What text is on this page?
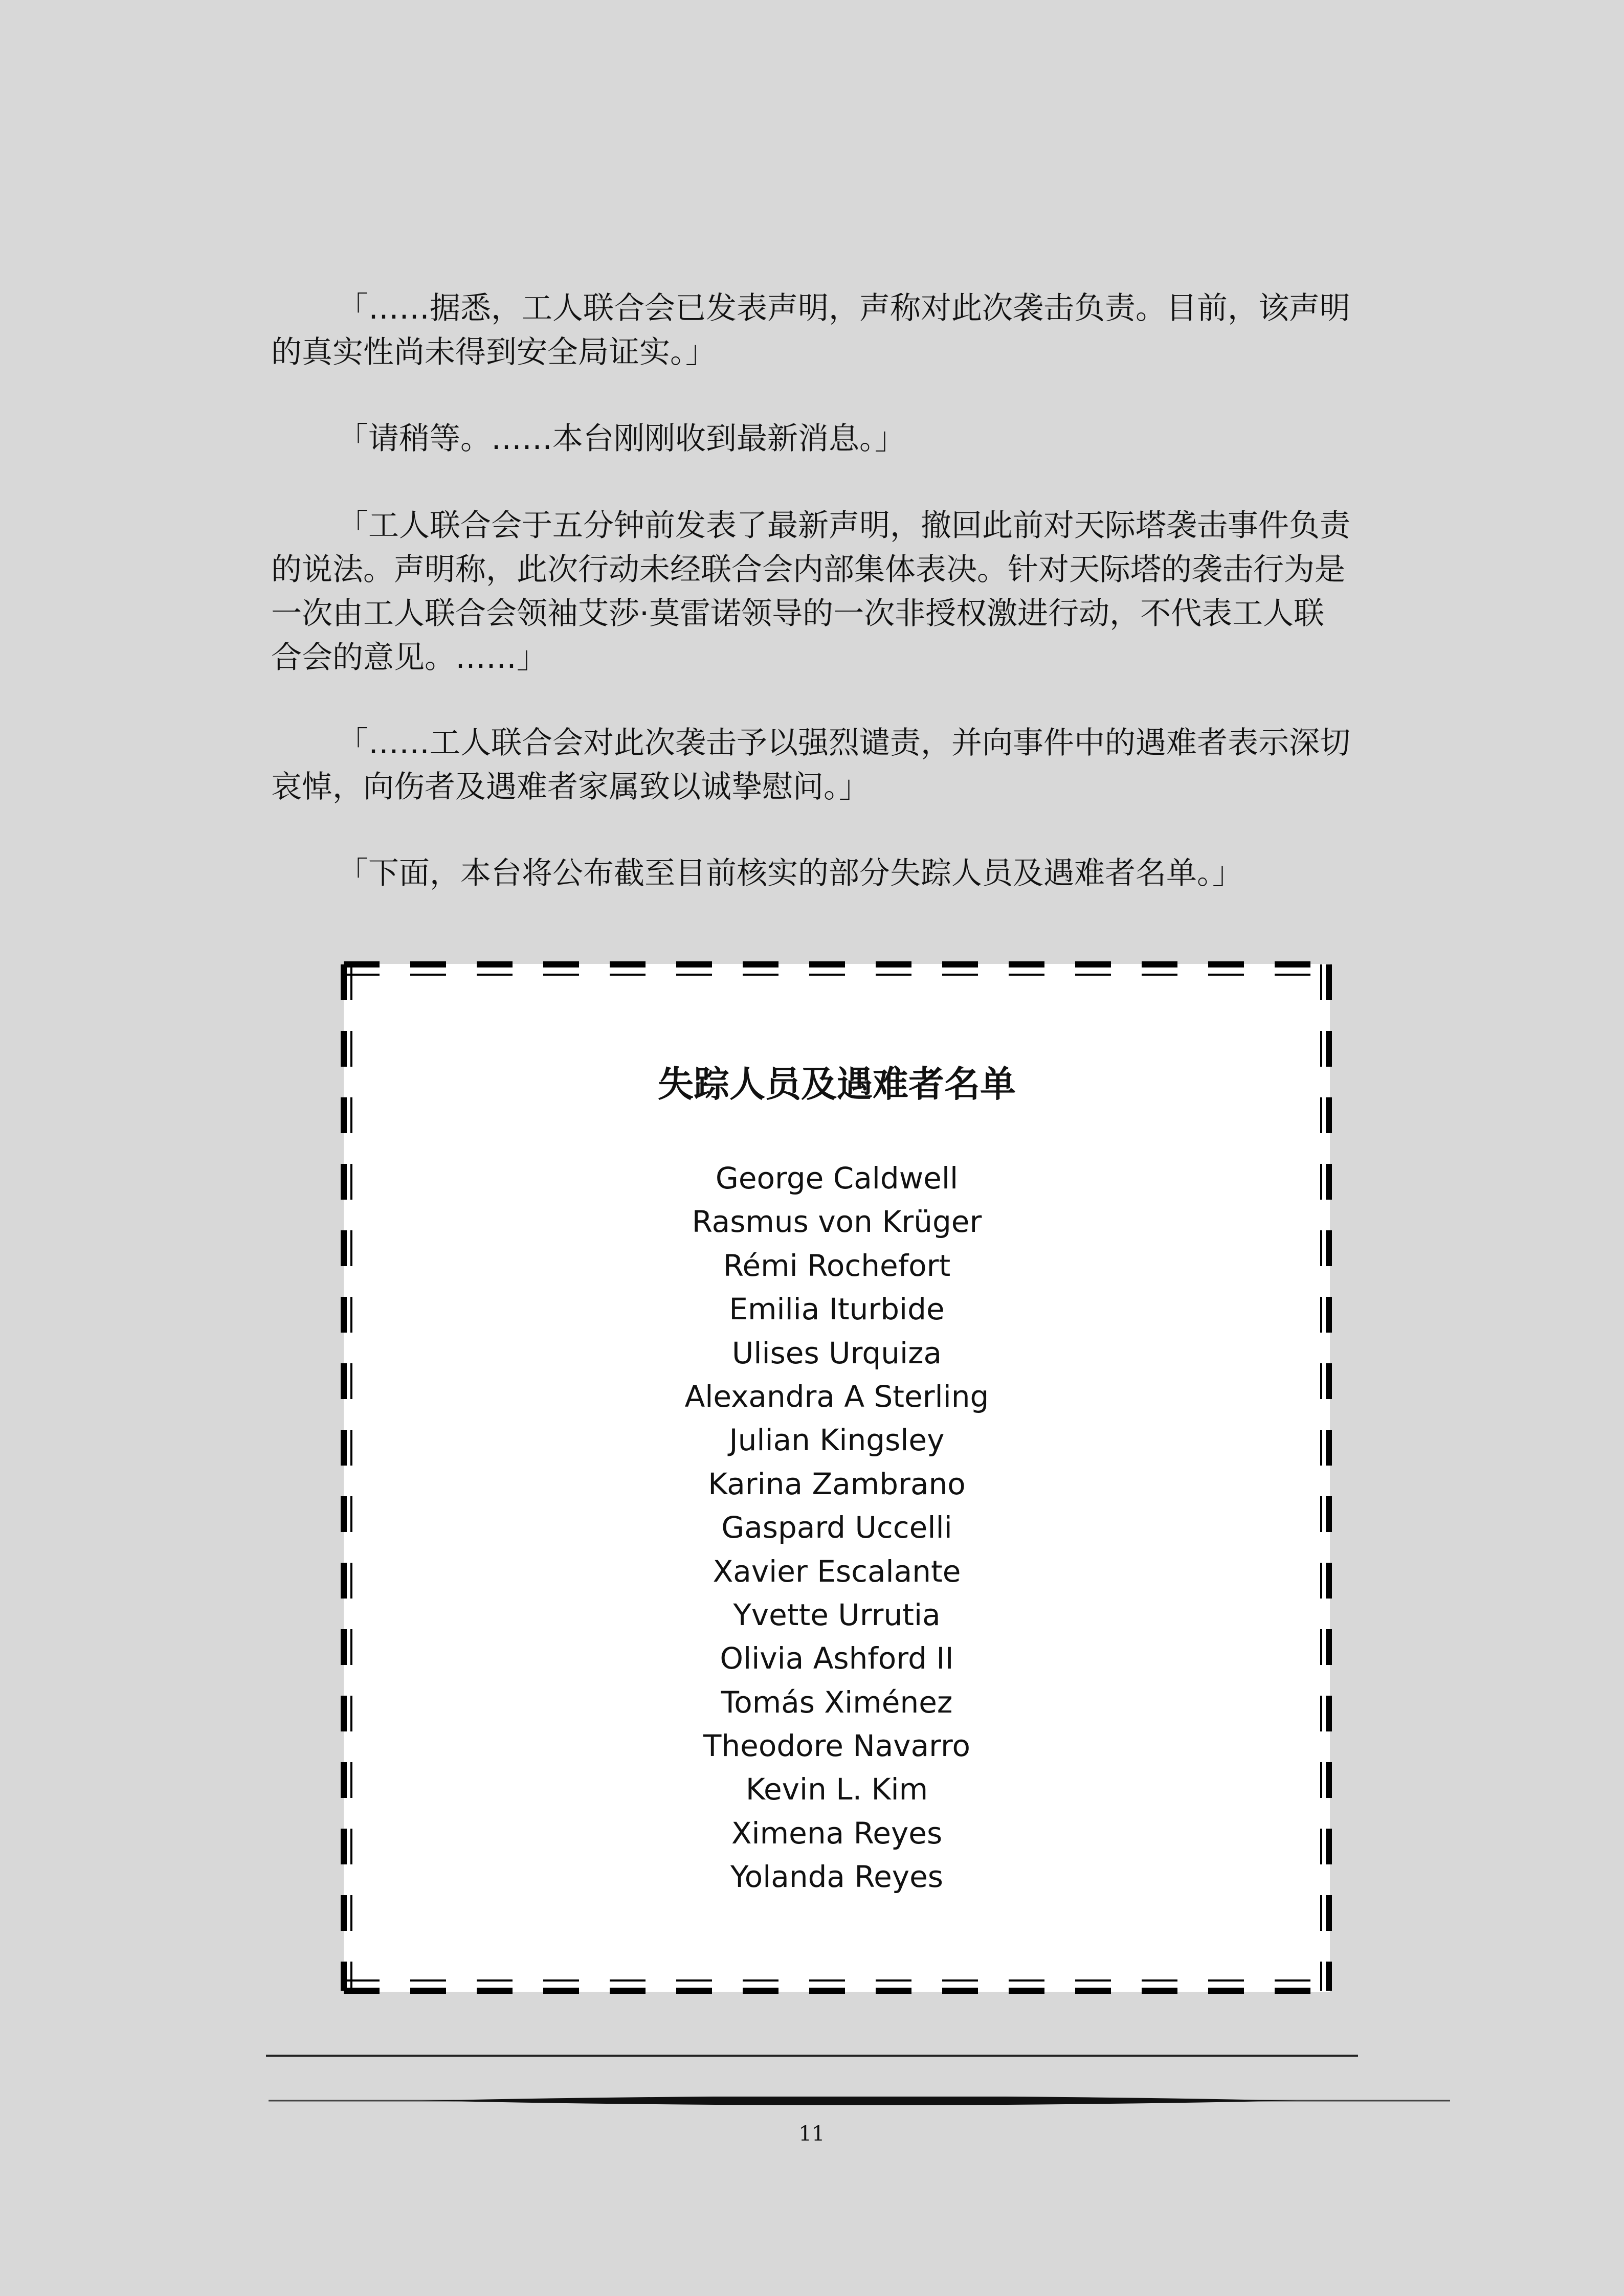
「……据悉，工人联合会已发表声明，声称对此次袭击负责。目前，该声明的真实性尚未得到安全局证实。」

「请稍等。……本台刚刚收到最新消息。」

「工人联合会于五分钟前发表了最新声明，撤回此前对天际塔袭击事件负责的说法。声明称，此次行动未经联合会内部集体表决。针对天际塔的袭击行为是一次由工人联合会领袖艾莎·莫雷诺领导的一次非授权激进行动，不代表工人联合会的意见。……」

「……工人联合会对此次袭击予以强烈谴责，并向事件中的遇难者表示深切哀悼，向伤者及遇难者家属致以诚挚慰问。」

「下面，本台将公布截至目前核实的部分失踪人员及遇难者名单。」

失踪人员及遇难者名单
George Caldwell
Rasmus von Krüger
Rémi Rochefort
Emilia Iturbide
Ulises Urquiza
Alexandra A Sterling
Julian Kingsley
Karina Zambrano
Gaspard Uccelli
Xavier Escalante
Yvette Urrutia
Olivia Ashford II
Tomás Ximénez
Theodore Navarro
Kevin L. Kim
Ximena Reyes
Yolanda Reyes
11
